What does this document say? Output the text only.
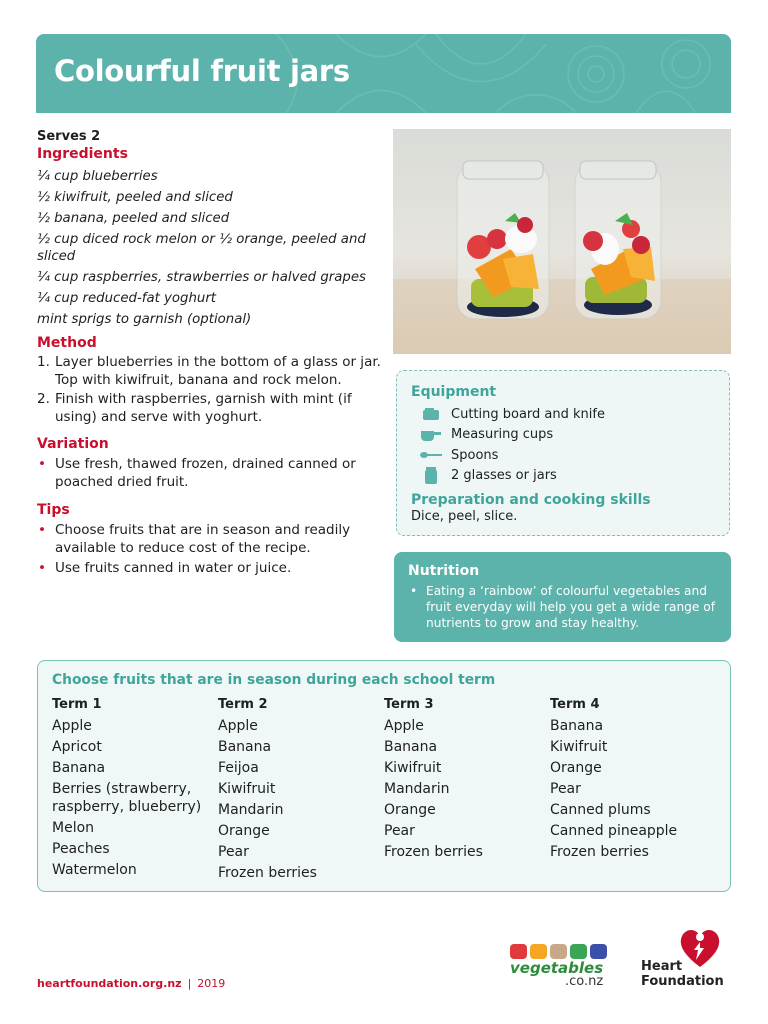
Colourful fruit jars
Serves 2
Ingredients
¼ cup blueberries
½ kiwifruit, peeled and sliced
½ banana, peeled and sliced
½ cup diced rock melon or ½ orange, peeled and sliced
¼ cup raspberries, strawberries or halved grapes
¼ cup reduced-fat yoghurt
mint sprigs to garnish (optional)
Method
1. Layer blueberries in the bottom of a glass or jar. Top with kiwifruit, banana and rock melon.
2. Finish with raspberries, garnish with mint (if using) and serve with yoghurt.
Variation
• Use fresh, thawed frozen, drained canned or poached dried fruit.
Tips
• Choose fruits that are in season and readily available to reduce cost of the recipe.
• Use fruits canned in water or juice.
Equipment
Cutting board and knife
Measuring cups
Spoons
2 glasses or jars
Preparation and cooking skills
Dice, peel, slice.
Nutrition
• Eating a ‘rainbow’ of colourful vegetables and fruit everyday will help you get a wide range of nutrients to grow and stay healthy.
Choose fruits that are in season during each school term
Term 1
Apple
Apricot
Banana
Berries (strawberry, raspberry, blueberry)
Melon
Peaches
Watermelon
Term 2
Apple
Banana
Feijoa
Kiwifruit
Mandarin
Orange
Pear
Frozen berries
Term 3
Apple
Banana
Kiwifruit
Mandarin
Orange
Pear
Frozen berries
Term 4
Banana
Kiwifruit
Orange
Pear
Canned plums
Canned pineapple
Frozen berries
heartfoundation.org.nz | 2019
vegetables
.co.nz
Heart
Foundation
